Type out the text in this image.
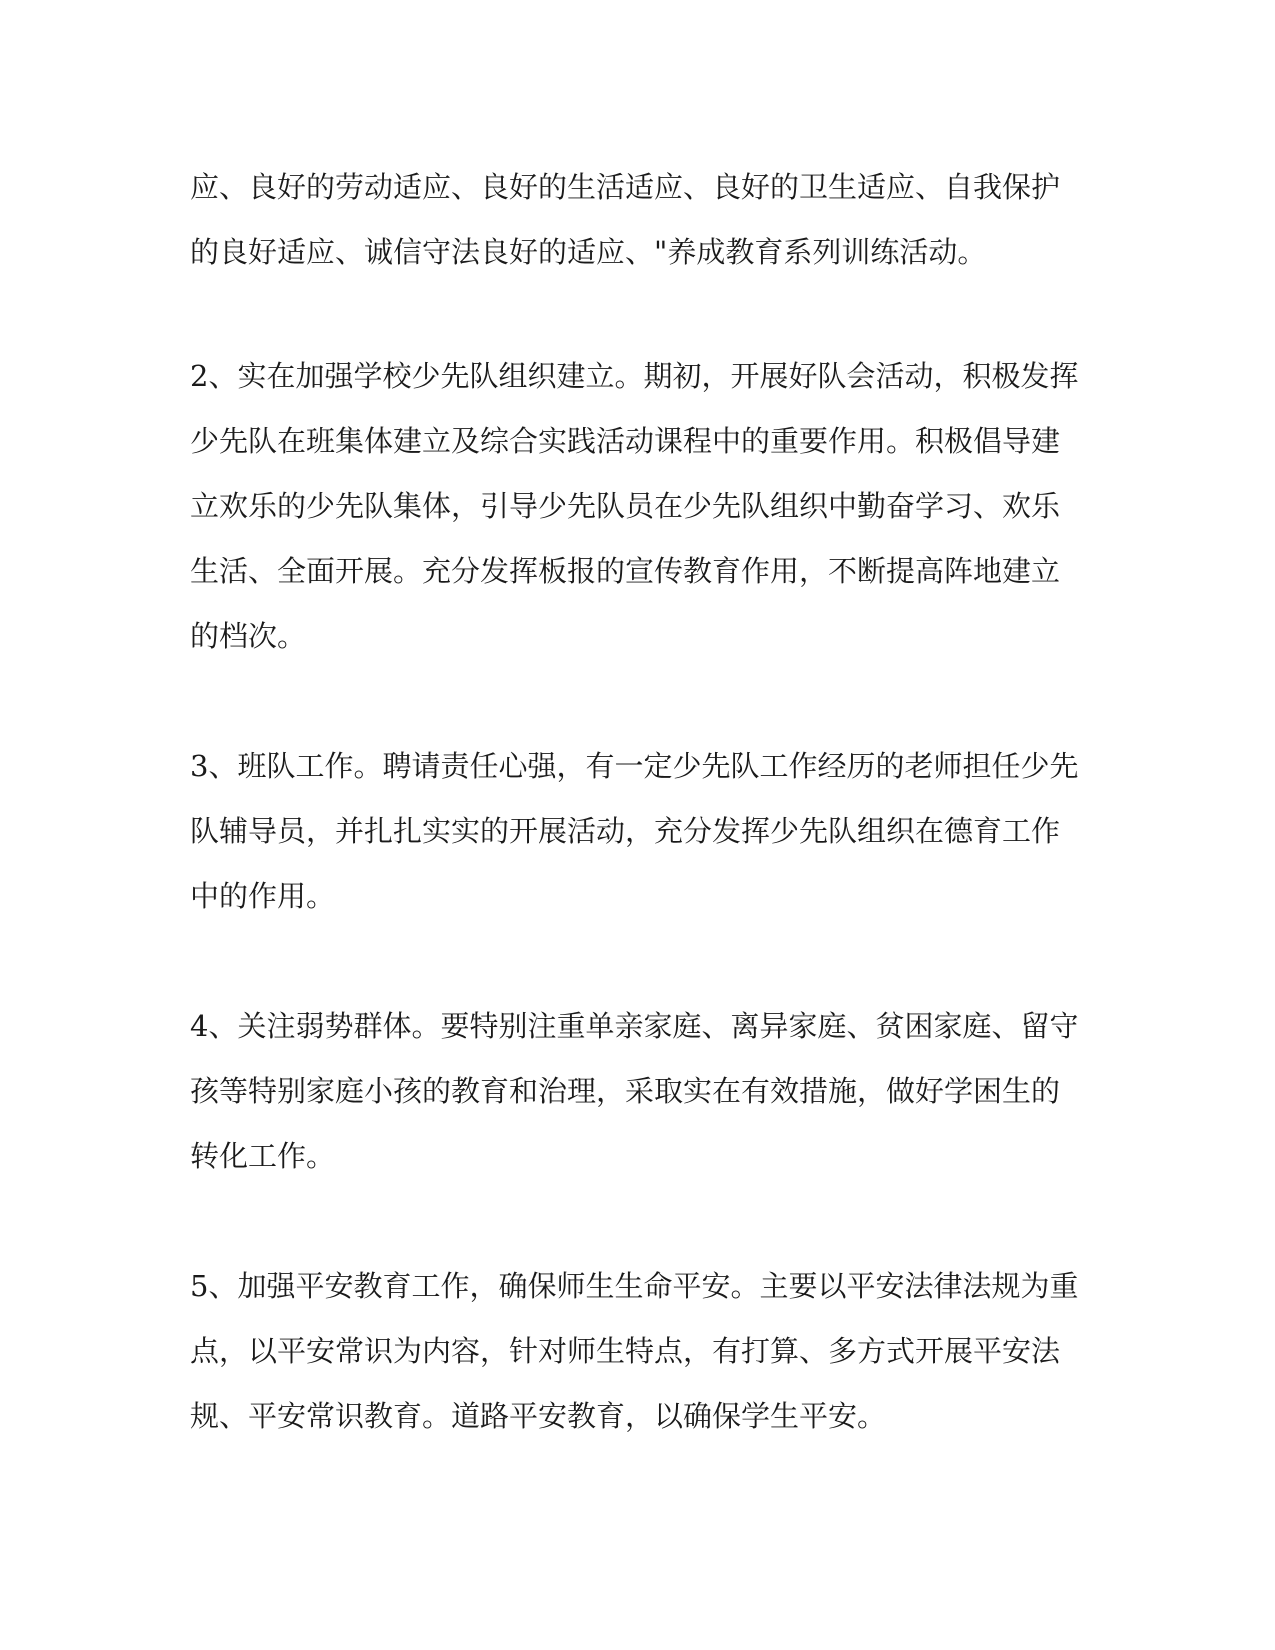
应、良好的劳动适应、良好的生活适应、良好的卫生适应、自我保护
的良好适应、诚信守法良好的适应、"养成教育系列训练活动。

2、实在加强学校少先队组织建立。期初，开展好队会活动，积极发挥
少先队在班集体建立及综合实践活动课程中的重要作用。积极倡导建
立欢乐的少先队集体，引导少先队员在少先队组织中勤奋学习、欢乐
生活、全面开展。充分发挥板报的宣传教育作用，不断提高阵地建立
的档次。

3、班队工作。聘请责任心强，有一定少先队工作经历的老师担任少先
队辅导员，并扎扎实实的开展活动，充分发挥少先队组织在德育工作
中的作用。

4、关注弱势群体。要特别注重单亲家庭、离异家庭、贫困家庭、留守
孩等特别家庭小孩的教育和治理，采取实在有效措施，做好学困生的
转化工作。

5、加强平安教育工作，确保师生生命平安。主要以平安法律法规为重
点，以平安常识为内容，针对师生特点，有打算、多方式开展平安法
规、平安常识教育。道路平安教育，以确保学生平安。
